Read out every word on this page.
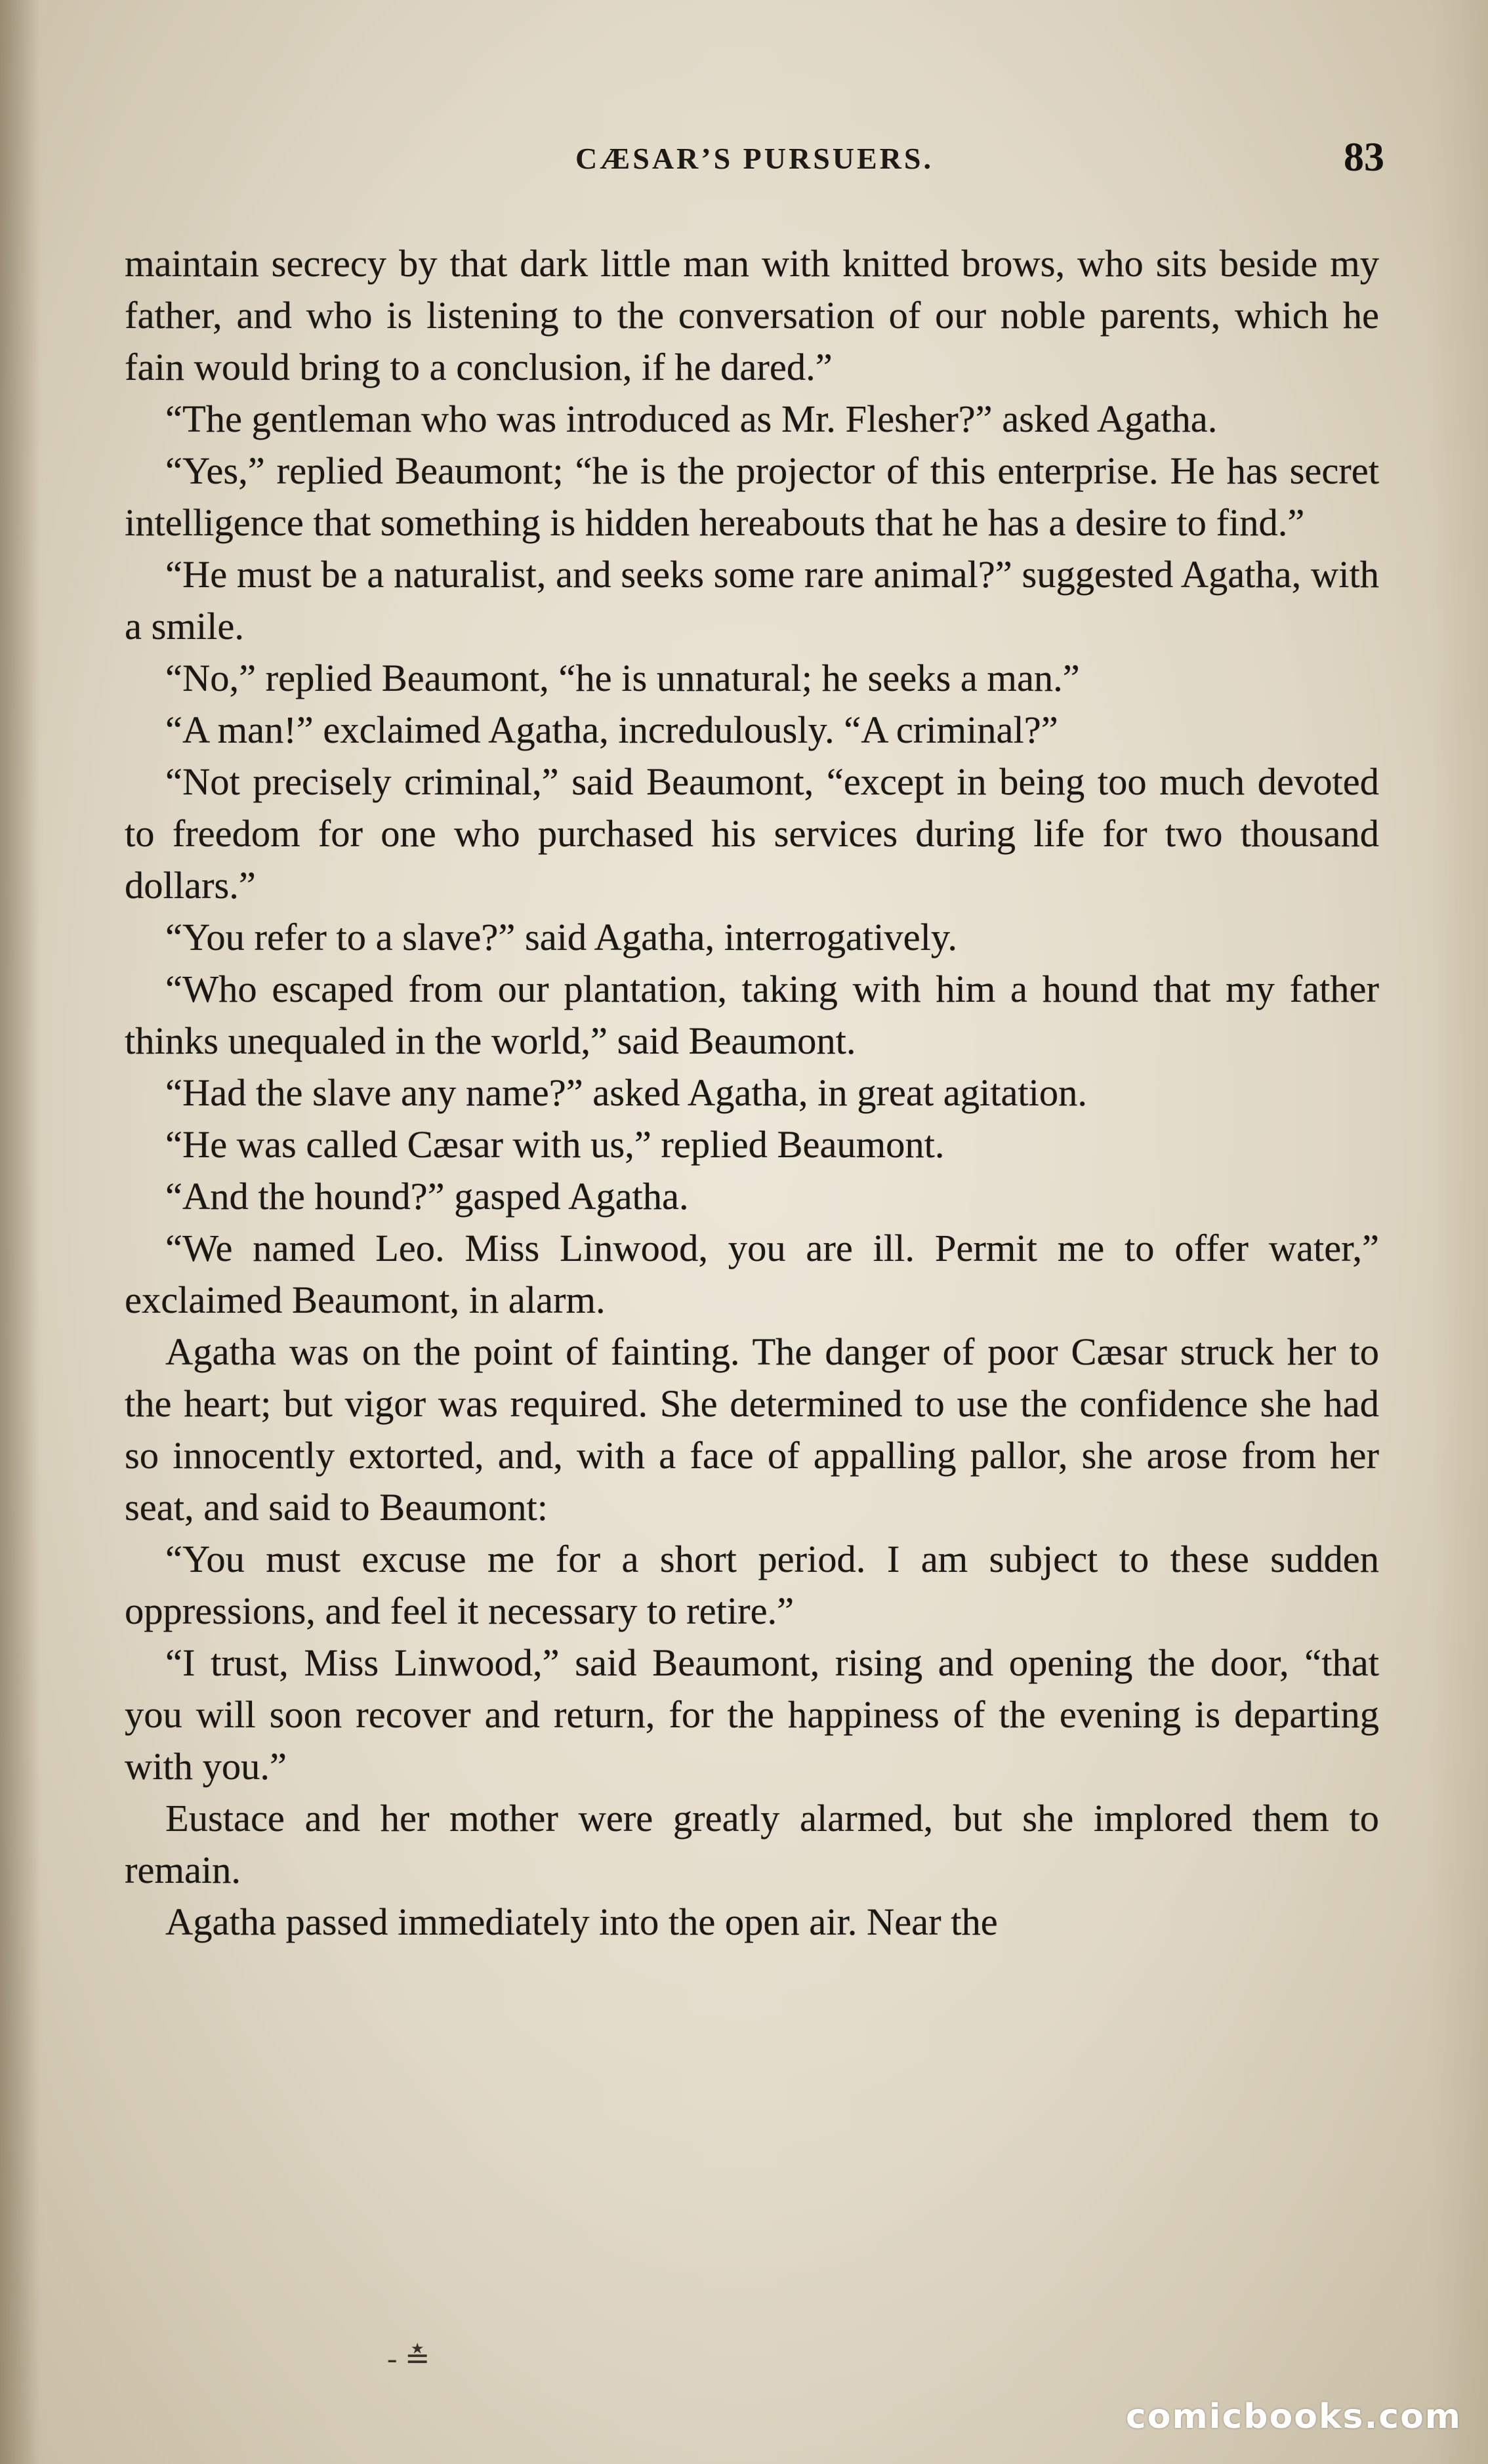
CÆSAR’S PURSUERS.	83

maintain secrecy by that dark little man with knitted brows, who sits beside my father, and who is listening to the conversation of our noble parents, which he fain would bring to a conclusion, if he dared.”

“The gentleman who was introduced as Mr. Flesher?” asked Agatha.

“Yes,” replied Beaumont; “he is the projector of this enterprise. He has secret intelligence that something is hidden hereabouts that he has a desire to find.”

“He must be a naturalist, and seeks some rare animal?” suggested Agatha, with a smile.

“No,” replied Beaumont, “he is unnatural; he seeks a man.”

“A man!” exclaimed Agatha, incredulously. “A criminal?”

“Not precisely criminal,” said Beaumont, “except in being too much devoted to freedom for one who purchased his services during life for two thousand dollars.”

“You refer to a slave?” said Agatha, interrogatively.

“Who escaped from our plantation, taking with him a hound that my father thinks unequaled in the world,” said Beaumont.

“Had the slave any name?” asked Agatha, in great agitation.

“He was called Cæsar with us,” replied Beaumont.

“And the hound?” gasped Agatha.

“We named Leo. Miss Linwood, you are ill. Permit me to offer water,” exclaimed Beaumont, in alarm.

Agatha was on the point of fainting. The danger of poor Cæsar struck her to the heart; but vigor was required. She determined to use the confidence she had so innocently extorted, and, with a face of appalling pallor, she arose from her seat, and said to Beaumont:

“You must excuse me for a short period. I am subject to these sudden oppressions, and feel it necessary to retire.”

“I trust, Miss Linwood,” said Beaumont, rising and opening the door, “that you will soon recover and return, for the happiness of the evening is departing with you.”

Eustace and her mother were greatly alarmed, but she implored them to remain.

Agatha passed immediately into the open air. Near the

- ≛
comicbooks.com
